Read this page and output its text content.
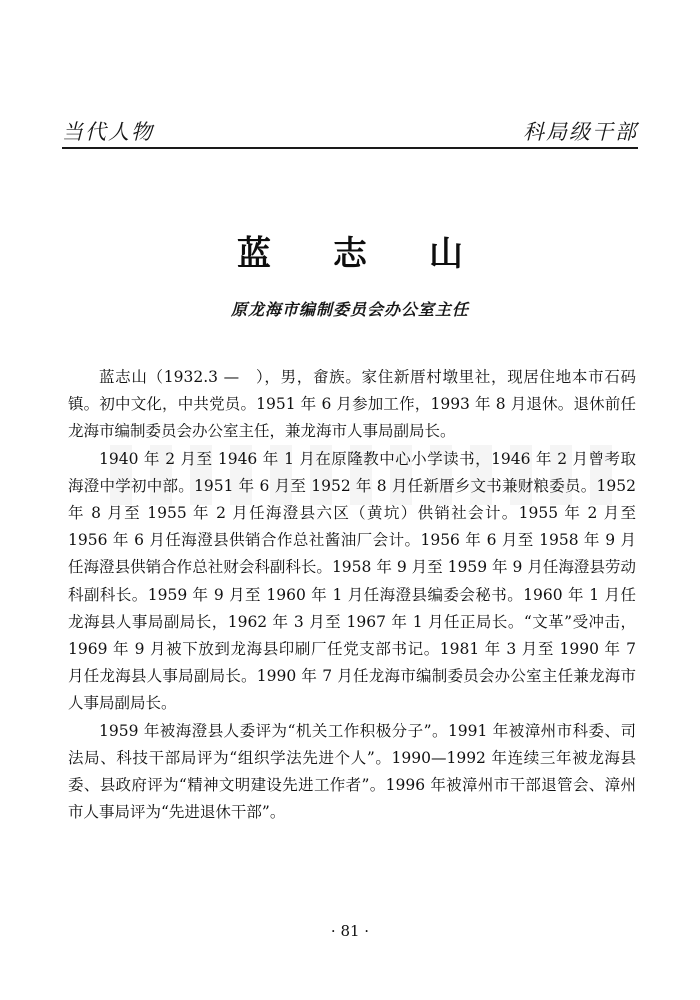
当代人物	科局级干部
蓝志山
原龙海市编制委员会办公室主任

蓝志山（1932.3 —　），男，畲族。家住新厝村墩里社，现居住地本市石码镇。初中文化，中共党员。1951 年 6 月参加工作，1993 年 8 月退休。退休前任龙海市编制委员会办公室主任，兼龙海市人事局副局长。

1940 年 2 月至 1946 年 1 月在原隆教中心小学读书，1946 年 2 月曾考取海澄中学初中部。1951 年 6 月至 1952 年 8 月任新厝乡文书兼财粮委员。1952 年 8 月至 1955 年 2 月任海澄县六区（黄坑）供销社会计。1955 年 2 月至 1956 年 6 月任海澄县供销合作总社酱油厂会计。1956 年 6 月至 1958 年 9 月任海澄县供销合作总社财会科副科长。1958 年 9 月至 1959 年 9 月任海澄县劳动科副科长。1959 年 9 月至 1960 年 1 月任海澄县编委会秘书。1960 年 1 月任龙海县人事局副局长，1962 年 3 月至 1967 年 1 月任正局长。“文革”受冲击，1969 年 9 月被下放到龙海县印刷厂任党支部书记。1981 年 3 月至 1990 年 7 月任龙海县人事局副局长。1990 年 7 月任龙海市编制委员会办公室主任兼龙海市人事局副局长。

1959 年被海澄县人委评为“机关工作积极分子”。1991 年被漳州市科委、司法局、科技干部局评为“组织学法先进个人”。1990—1992 年连续三年被龙海县委、县政府评为“精神文明建设先进工作者”。1996 年被漳州市干部退管会、漳州市人事局评为“先进退休干部”。

· 81 ·
